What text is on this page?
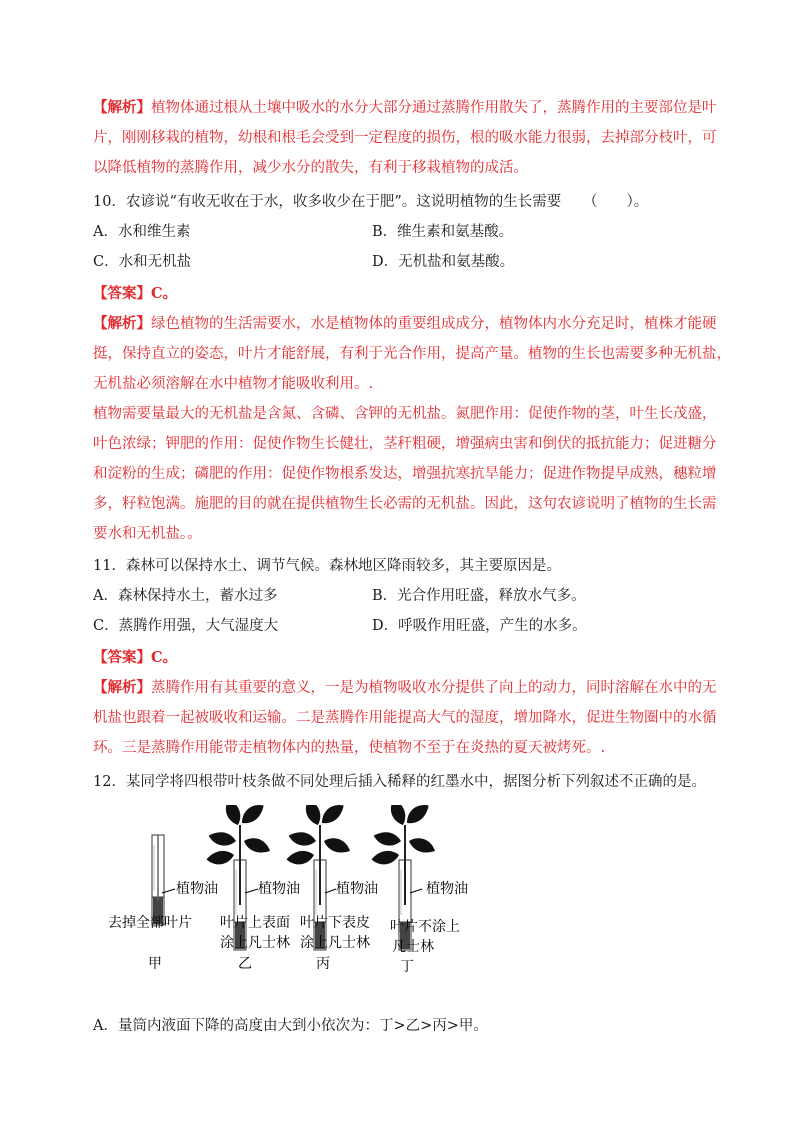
【解析】植物体通过根从土壤中吸水的水分大部分通过蒸腾作用散失了，蒸腾作用的主要部位是叶
片，刚刚移栽的植物，幼根和根毛会受到一定程度的损伤，根的吸水能力很弱，去掉部分枝叶，可
以降低植物的蒸腾作用，减少水分的散失，有利于移栽植物的成活。
10．农谚说“有收无收在于水，收多收少在于肥”。这说明植物的生长需要　　（　　）。
A．水和维生素	B．维生素和氨基酸。
C．水和无机盐	D．无机盐和氨基酸。
【答案】C。
【解析】绿色植物的生活需要水，水是植物体的重要组成成分，植物体内水分充足时，植株才能硬
挺，保持直立的姿态，叶片才能舒展，有利于光合作用，提高产量。植物的生长也需要多种无机盐，
无机盐必须溶解在水中植物才能吸收利用。.
植物需要量最大的无机盐是含氮、含磷、含钾的无机盐。氮肥作用：促使作物的茎，叶生长茂盛，
叶色浓绿；钾肥的作用：促使作物生长健壮，茎秆粗硬，增强病虫害和倒伏的抵抗能力；促进糖分
和淀粉的生成；磷肥的作用：促使作物根系发达，增强抗寒抗旱能力；促进作物提早成熟，穗粒增
多，籽粒饱满。施肥的目的就在提供植物生长必需的无机盐。因此，这句农谚说明了植物的生长需
要水和无机盐。。
11．森林可以保持水土、调节气候。森林地区降雨较多，其主要原因是。
A．森林保持水土，蓄水过多	B．光合作用旺盛，释放水气多。
C．蒸腾作用强，大气湿度大	D．呼吸作用旺盛，产生的水多。
【答案】C。
【解析】蒸腾作用有其重要的意义，一是为植物吸收水分提供了向上的动力，同时溶解在水中的无
机盐也跟着一起被吸收和运输。二是蒸腾作用能提高大气的湿度，增加降水，促进生物圈中的水循
环。三是蒸腾作用能带走植物体内的热量，使植物不至于在炎热的夏天被烤死。.
12．某同学将四根带叶枝条做不同处理后插入稀释的红墨水中，据图分析下列叙述不正确的是。
植物油	植物油	植物油	植物油
去掉全部叶片
甲
叶片上表面
涂上凡士林
乙
叶片下表皮
涂上凡士林
丙
叶片不涂上
凡士林
丁
A．量筒内液面下降的高度由大到小依次为：丁>乙>丙>甲。
